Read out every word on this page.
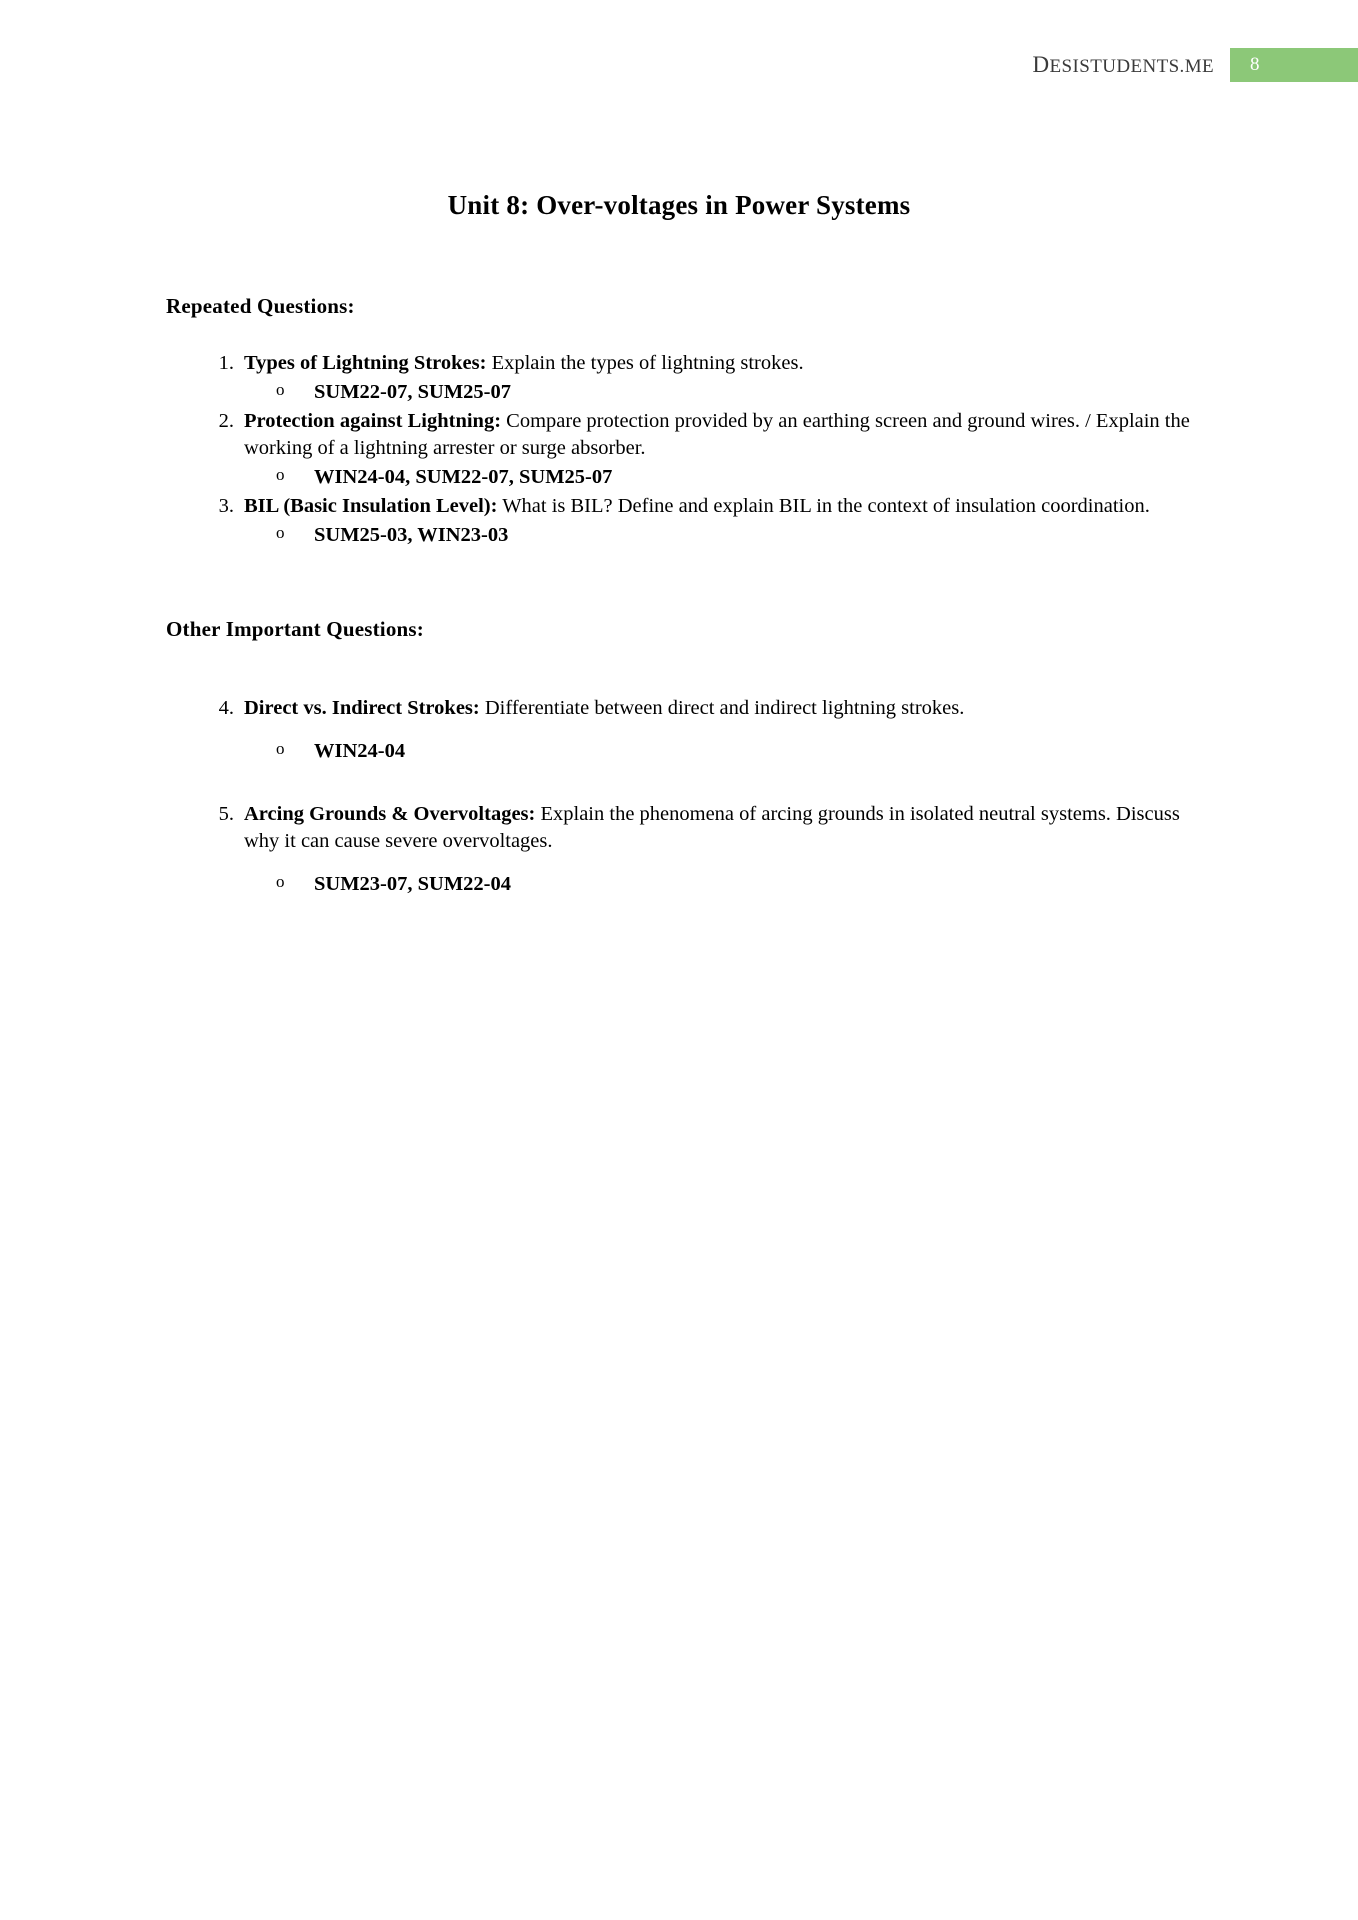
DESISTUDENTS.ME	8
Unit 8: Over-voltages in Power Systems
Repeated Questions:
1. Types of Lightning Strokes: Explain the types of lightning strokes.
o SUM22-07, SUM25-07
2. Protection against Lightning: Compare protection provided by an earthing screen and ground wires. / Explain the working of a lightning arrester or surge absorber.
o WIN24-04, SUM22-07, SUM25-07
3. BIL (Basic Insulation Level): What is BIL? Define and explain BIL in the context of insulation coordination.
o SUM25-03, WIN23-03
Other Important Questions:
4. Direct vs. Indirect Strokes: Differentiate between direct and indirect lightning strokes.
o WIN24-04
5. Arcing Grounds & Overvoltages: Explain the phenomena of arcing grounds in isolated neutral systems. Discuss why it can cause severe overvoltages.
o SUM23-07, SUM22-04
